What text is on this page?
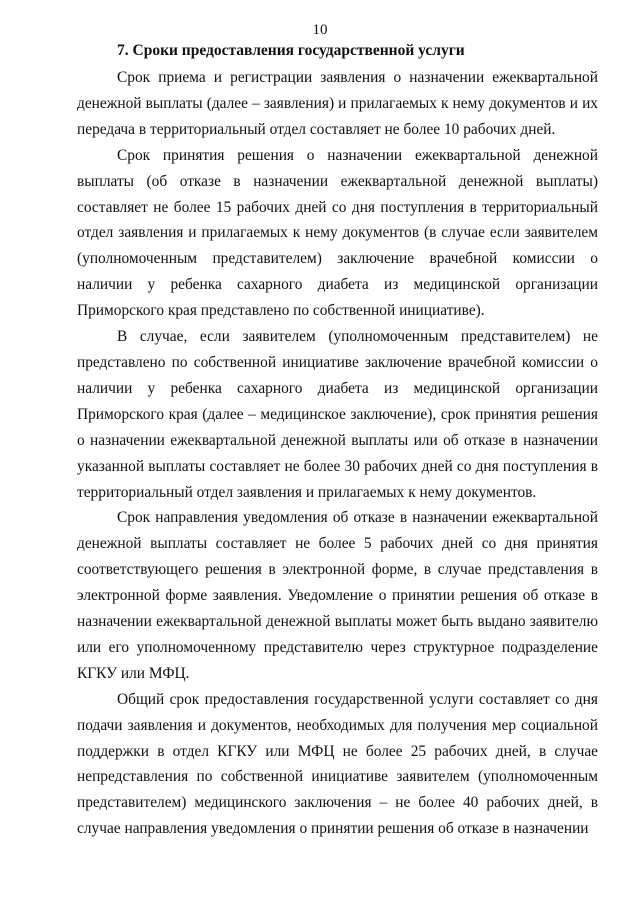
10
7. Сроки предоставления государственной услуги

Срок приема и регистрации заявления о назначении ежеквартальной денежной выплаты (далее – заявления) и прилагаемых к нему документов и их передача в территориальный отдел составляет не более 10 рабочих дней.

Срок принятия решения о назначении ежеквартальной денежной выплаты (об отказе в назначении ежеквартальной денежной выплаты) составляет не более 15 рабочих дней со дня поступления в территориальный отдел заявления и прилагаемых к нему документов (в случае если заявителем (уполномоченным представителем) заключение врачебной комиссии о наличии у ребенка сахарного диабета из медицинской организации Приморского края представлено по собственной инициативе).

В случае, если заявителем (уполномоченным представителем) не представлено по собственной инициативе заключение врачебной комиссии о наличии у ребенка сахарного диабета из медицинской организации Приморского края (далее – медицинское заключение), срок принятия решения о назначении ежеквартальной денежной выплаты или об отказе в назначении указанной выплаты составляет не более 30 рабочих дней со дня поступления в территориальный отдел заявления и прилагаемых к нему документов.

Срок направления уведомления об отказе в назначении ежеквартальной денежной выплаты составляет не более 5 рабочих дней со дня принятия соответствующего решения в электронной форме, в случае представления в электронной форме заявления. Уведомление о принятии решения об отказе в назначении ежеквартальной денежной выплаты может быть выдано заявителю или его уполномоченному представителю через структурное подразделение КГКУ или МФЦ.

Общий срок предоставления государственной услуги составляет со дня подачи заявления и документов, необходимых для получения мер социальной поддержки в отдел КГКУ или МФЦ не более 25 рабочих дней, в случае непредставления по собственной инициативе заявителем (уполномоченным представителем) медицинского заключения – не более 40 рабочих дней, в случае направления уведомления о принятии решения об отказе в назначении
